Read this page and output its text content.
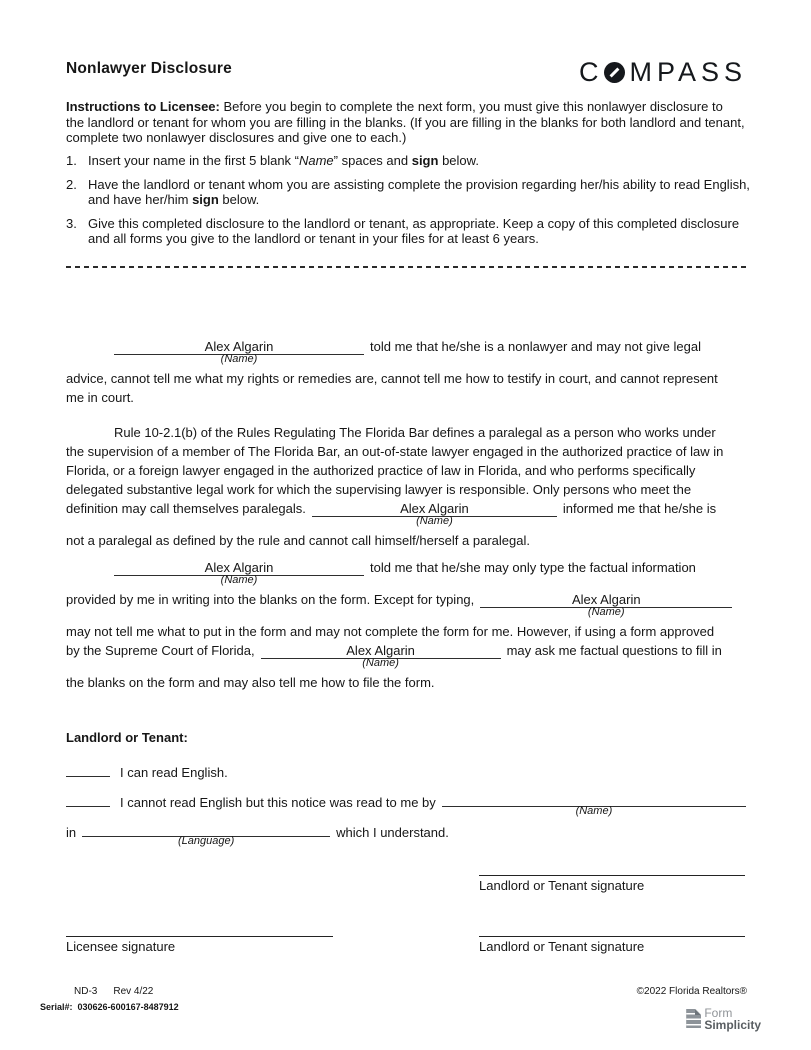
Nonlawyer Disclosure	C MPASS
Instructions to Licensee: Before you begin to complete the next form, you must give this nonlawyer disclosure to
the landlord or tenant for whom you are filling in the blanks. (If you are filling in the blanks for both landlord and tenant,
complete two nonlawyer disclosures and give one to each.)
1. Insert your name in the first 5 blank “Name” spaces and sign below.
2. Have the landlord or tenant whom you are assisting complete the provision regarding her/his ability to read English,
and have her/him sign below.
3. Give this completed disclosure to the landlord or tenant, as appropriate. Keep a copy of this completed disclosure
and all forms you give to the landlord or tenant in your files for at least 6 years.
Alex Algarin
(Name)
told me that he/she is a nonlawyer and may not give legal
advice, cannot tell me what my rights or remedies are, cannot tell me how to testify in court, and cannot represent
me in court.
Rule 10-2.1(b) of the Rules Regulating The Florida Bar defines a paralegal as a person who works under
the supervision of a member of The Florida Bar, an out-of-state lawyer engaged in the authorized practice of law in
Florida, or a foreign lawyer engaged in the authorized practice of law in Florida, and who performs specifically
delegated substantive legal work for which the supervising lawyer is responsible. Only persons who meet the
definition may call themselves paralegals.	Alex Algarin
(Name)
informed me that he/she is
not a paralegal as defined by the rule and cannot call himself/herself a paralegal.
Alex Algarin
(Name)
told me that he/she may only type the factual information
provided by me in writing into the blanks on the form. Except for typing,	Alex Algarin
(Name)
may not tell me what to put in the form and may not complete the form for me. However, if using a form approved
by the Supreme Court of Florida,	Alex Algarin
(Name)
may ask me factual questions to fill in
the blanks on the form and may also tell me how to file the form.
Landlord or Tenant:
I can read English.
I cannot read English but this notice was read to me by
(Name)
in
(Language)
which I understand.
Landlord or Tenant signature
Licensee signature	Landlord or Tenant signature
ND-3 Rev 4/22	©2022 Florida Realtors®
Serial#: 030626-600167-8487912	Form
Simplicity
